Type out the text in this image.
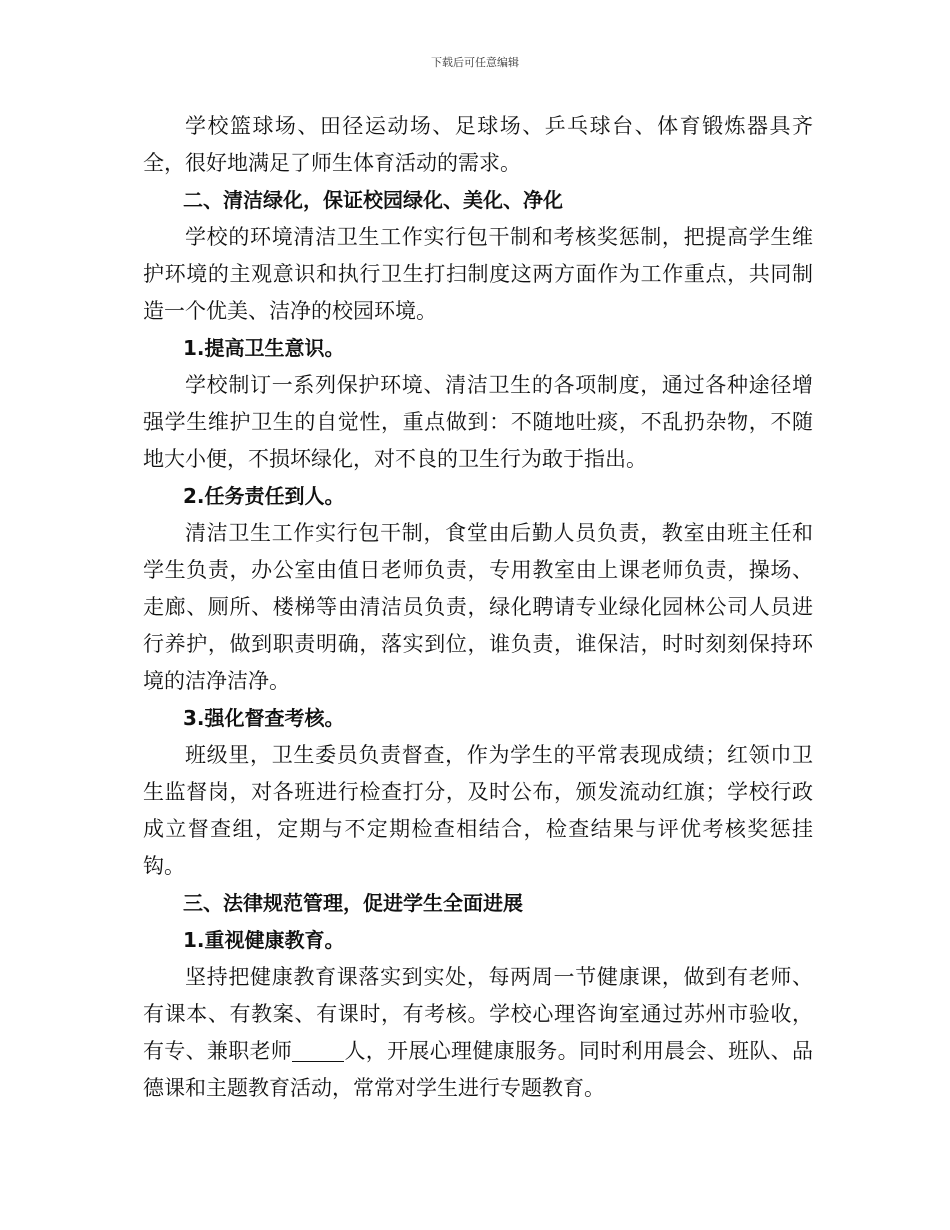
下载后可任意编辑

学校篮球场、田径运动场、足球场、乒乓球台、体育锻炼器具齐全，很好地满足了师生体育活动的需求。

二、清洁绿化，保证校园绿化、美化、净化

学校的环境清洁卫生工作实行包干制和考核奖惩制，把提高学生维护环境的主观意识和执行卫生打扫制度这两方面作为工作重点，共同制造一个优美、洁净的校园环境。

1.提高卫生意识。

学校制订一系列保护环境、清洁卫生的各项制度，通过各种途径增强学生维护卫生的自觉性，重点做到：不随地吐痰，不乱扔杂物，不随地大小便，不损坏绿化，对不良的卫生行为敢于指出。

2.任务责任到人。

清洁卫生工作实行包干制，食堂由后勤人员负责，教室由班主任和学生负责，办公室由值日老师负责，专用教室由上课老师负责，操场、走廊、厕所、楼梯等由清洁员负责，绿化聘请专业绿化园林公司人员进行养护，做到职责明确，落实到位，谁负责，谁保洁，时时刻刻保持环境的洁净洁净。

3.强化督查考核。

班级里，卫生委员负责督查，作为学生的平常表现成绩；红领巾卫生监督岗，对各班进行检查打分，及时公布，颁发流动红旗；学校行政成立督查组，定期与不定期检查相结合，检查结果与评优考核奖惩挂钩。

三、法律规范管理，促进学生全面进展

1.重视健康教育。

坚持把健康教育课落实到实处，每两周一节健康课，做到有老师、有课本、有教案、有课时，有考核。学校心理咨询室通过苏州市验收，有专、兼职老师 人，开展心理健康服务。同时利用晨会、班队、品德课和主题教育活动，常常对学生进行专题教育。
